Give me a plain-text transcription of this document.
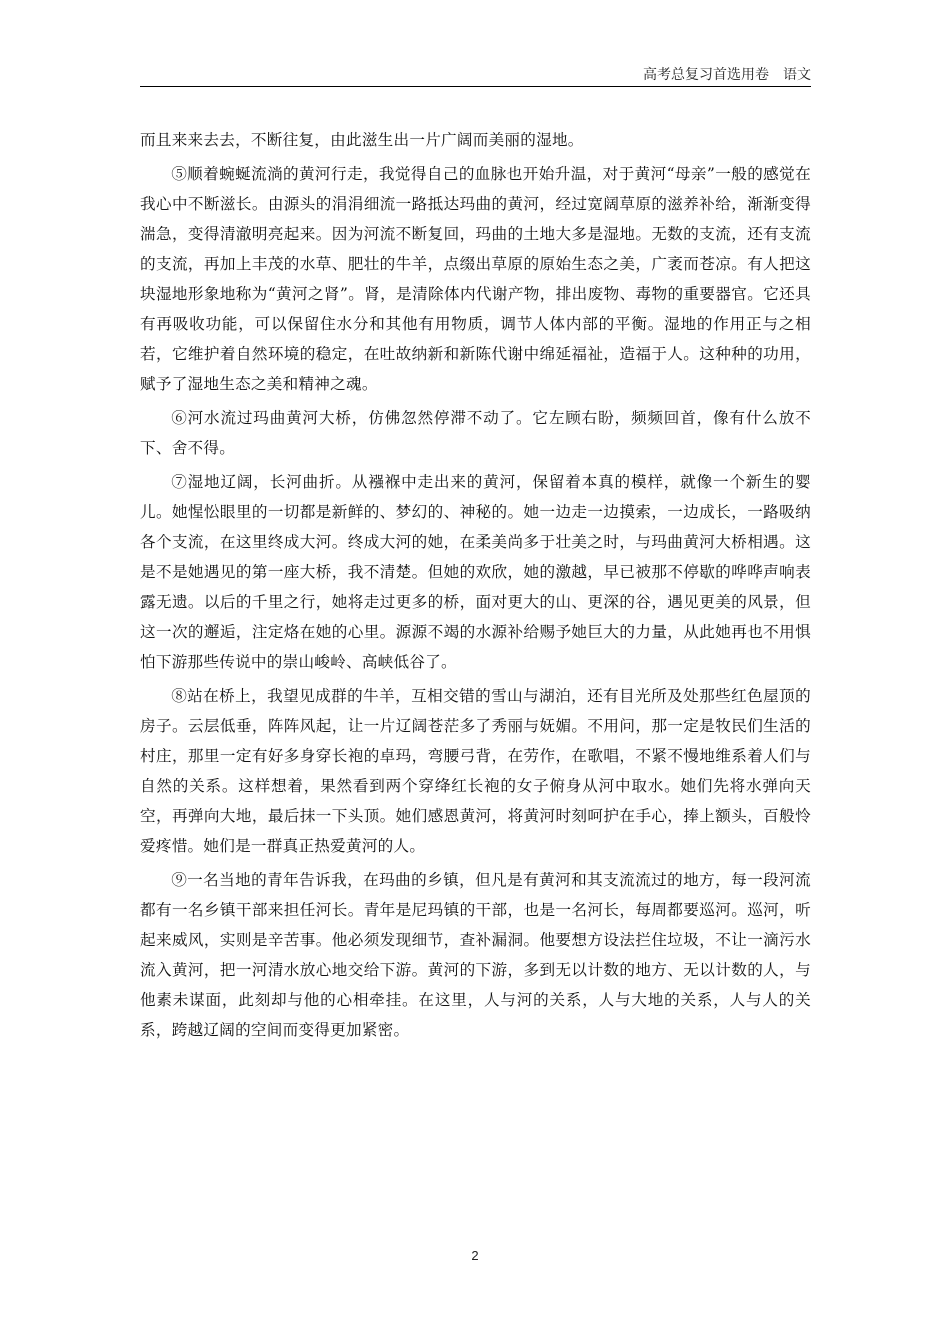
高考总复习首选用卷　语文

而且来来去去，不断往复，由此滋生出一片广阔而美丽的湿地。

⑤顺着蜿蜒流淌的黄河行走，我觉得自己的血脉也开始升温，对于黄河“母亲”一般的感觉在我心中不断滋长。由源头的涓涓细流一路抵达玛曲的黄河，经过宽阔草原的滋养补给，渐渐变得湍急，变得清澈明亮起来。因为河流不断复回，玛曲的土地大多是湿地。无数的支流，还有支流的支流，再加上丰茂的水草、肥壮的牛羊，点缀出草原的原始生态之美，广袤而苍凉。有人把这块湿地形象地称为“黄河之肾”。肾，是清除体内代谢产物，排出废物、毒物的重要器官。它还具有再吸收功能，可以保留住水分和其他有用物质，调节人体内部的平衡。湿地的作用正与之相若，它维护着自然环境的稳定，在吐故纳新和新陈代谢中绵延福祉，造福于人。这种种的功用，赋予了湿地生态之美和精神之魂。

⑥河水流过玛曲黄河大桥，仿佛忽然停滞不动了。它左顾右盼，频频回首，像有什么放不下、舍不得。

⑦湿地辽阔，长河曲折。从襁褓中走出来的黄河，保留着本真的模样，就像一个新生的婴儿。她惺忪眼里的一切都是新鲜的、梦幻的、神秘的。她一边走一边摸索，一边成长，一路吸纳各个支流，在这里终成大河。终成大河的她，在柔美尚多于壮美之时，与玛曲黄河大桥相遇。这是不是她遇见的第一座大桥，我不清楚。但她的欢欣，她的激越，早已被那不停歇的哗哗声响表露无遗。以后的千里之行，她将走过更多的桥，面对更大的山、更深的谷，遇见更美的风景，但这一次的邂逅，注定烙在她的心里。源源不竭的水源补给赐予她巨大的力量，从此她再也不用惧怕下游那些传说中的崇山峻岭、高峡低谷了。

⑧站在桥上，我望见成群的牛羊，互相交错的雪山与湖泊，还有目光所及处那些红色屋顶的房子。云层低垂，阵阵风起，让一片辽阔苍茫多了秀丽与妩媚。不用问，那一定是牧民们生活的村庄，那里一定有好多身穿长袍的卓玛，弯腰弓背，在劳作，在歌唱，不紧不慢地维系着人们与自然的关系。这样想着，果然看到两个穿绛红长袍的女子俯身从河中取水。她们先将水弹向天空，再弹向大地，最后抹一下头顶。她们感恩黄河，将黄河时刻呵护在手心，捧上额头，百般怜爱疼惜。她们是一群真正热爱黄河的人。

⑨一名当地的青年告诉我，在玛曲的乡镇，但凡是有黄河和其支流流过的地方，每一段河流都有一名乡镇干部来担任河长。青年是尼玛镇的干部，也是一名河长，每周都要巡河。巡河，听起来威风，实则是辛苦事。他必须发现细节，查补漏洞。他要想方设法拦住垃圾，不让一滴污水流入黄河，把一河清水放心地交给下游。黄河的下游，多到无以计数的地方、无以计数的人，与他素未谋面，此刻却与他的心相牵挂。在这里，人与河的关系，人与大地的关系，人与人的关系，跨越辽阔的空间而变得更加紧密。

2
